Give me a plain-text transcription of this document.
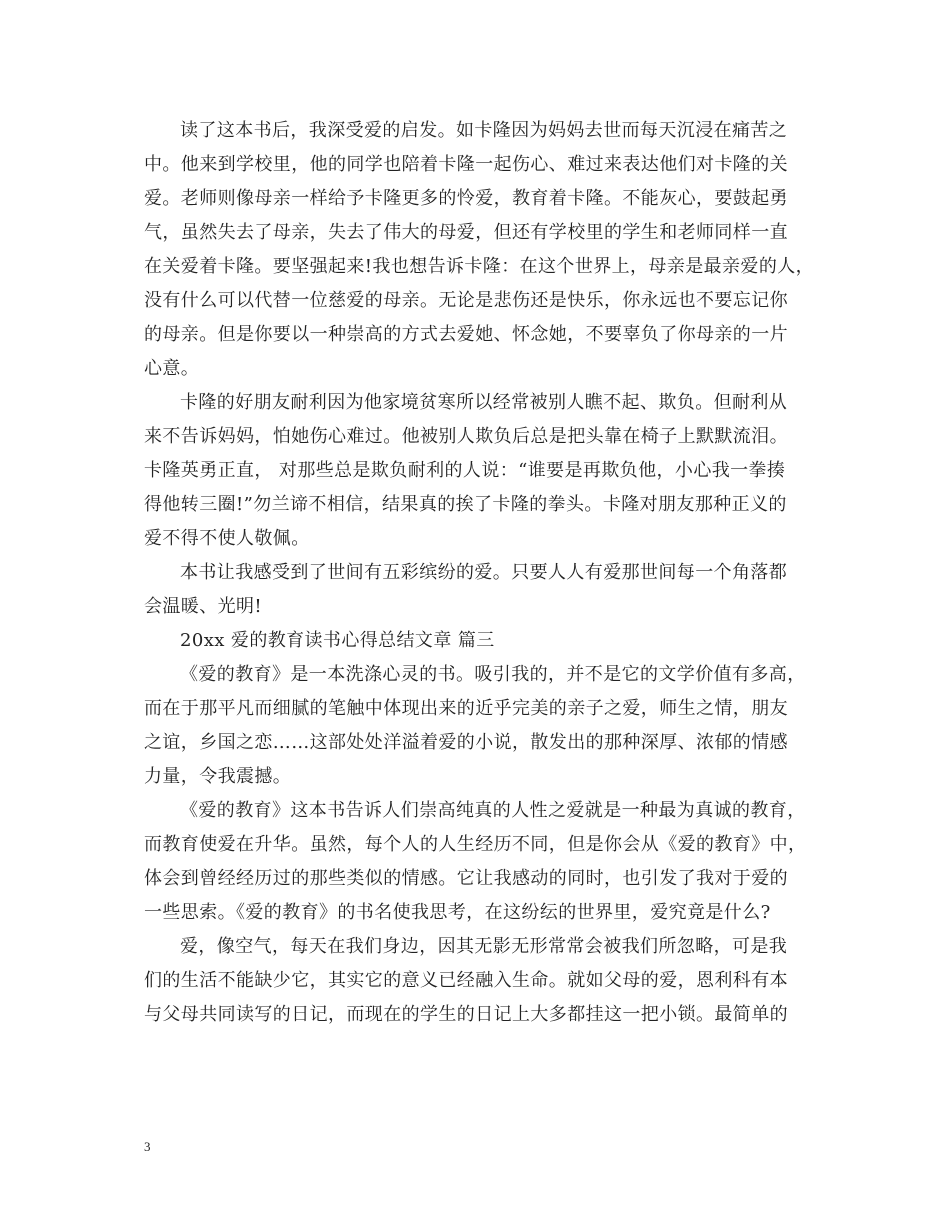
读了这本书后，我深受爱的启发。如卡隆因为妈妈去世而每天沉浸在痛苦之
中。他来到学校里，他的同学也陪着卡隆一起伤心、难过来表达他们对卡隆的关
爱。老师则像母亲一样给予卡隆更多的怜爱，教育着卡隆。不能灰心，要鼓起勇
气，虽然失去了母亲，失去了伟大的母爱，但还有学校里的学生和老师同样一直
在关爱着卡隆。要坚强起来!我也想告诉卡隆：在这个世界上，母亲是最亲爱的人，
没有什么可以代替一位慈爱的母亲。无论是悲伤还是快乐，你永远也不要忘记你
的母亲。但是你要以一种崇高的方式去爱她、怀念她，不要辜负了你母亲的一片
心意。
卡隆的好朋友耐利因为他家境贫寒所以经常被别人瞧不起、欺负。但耐利从
来不告诉妈妈，怕她伤心难过。他被别人欺负后总是把头靠在椅子上默默流泪。
卡隆英勇正直， 对那些总是欺负耐利的人说：“谁要是再欺负他，小心我一拳揍
得他转三圈!”勿兰谛不相信，结果真的挨了卡隆的拳头。卡隆对朋友那种正义的
爱不得不使人敬佩。
本书让我感受到了世间有五彩缤纷的爱。只要人人有爱那世间每一个角落都
会温暖、光明!
20xx 爱的教育读书心得总结文章 篇三
《爱的教育》是一本洗涤心灵的书。吸引我的，并不是它的文学价值有多高，
而在于那平凡而细腻的笔触中体现出来的近乎完美的亲子之爱，师生之情，朋友
之谊，乡国之恋……这部处处洋溢着爱的小说，散发出的那种深厚、浓郁的情感
力量，令我震撼。
《爱的教育》这本书告诉人们崇高纯真的人性之爱就是一种最为真诚的教育，
而教育使爱在升华。虽然，每个人的人生经历不同，但是你会从《爱的教育》中，
体会到曾经经历过的那些类似的情感。它让我感动的同时，也引发了我对于爱的
一些思索。《爱的教育》的书名使我思考，在这纷纭的世界里，爱究竟是什么?
爱，像空气，每天在我们身边，因其无影无形常常会被我们所忽略，可是我
们的生活不能缺少它，其实它的意义已经融入生命。就如父母的爱，恩利科有本
与父母共同读写的日记，而现在的学生的日记上大多都挂这一把小锁。最简单的
3
